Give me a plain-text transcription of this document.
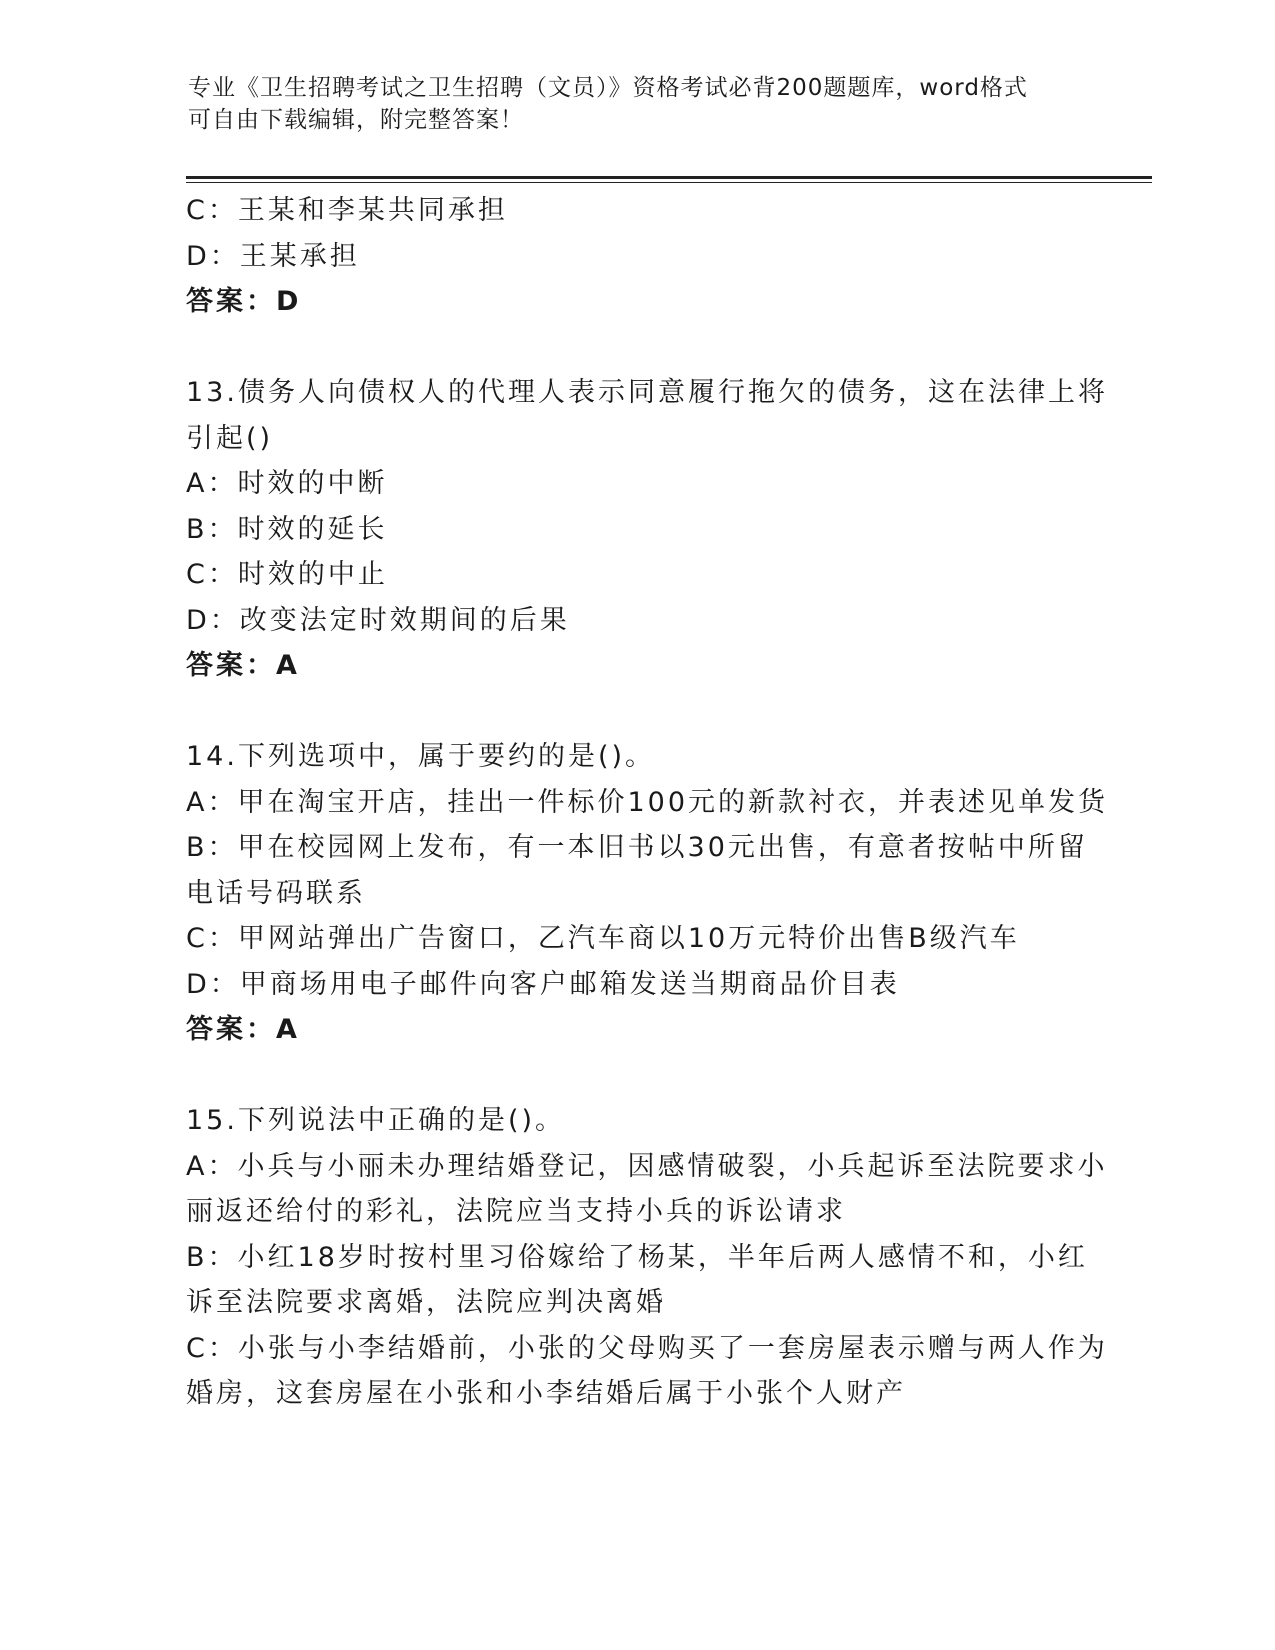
专业《卫生招聘考试之卫生招聘（文员）》资格考试必背200题题库，word格式
可自由下载编辑，附完整答案！
C：王某和李某共同承担
D：王某承担
答案：D
13.债务人向债权人的代理人表示同意履行拖欠的债务，这在法律上将
引起()
A：时效的中断
B：时效的延长
C：时效的中止
D：改变法定时效期间的后果
答案：A
14.下列选项中，属于要约的是()。
A：甲在淘宝开店，挂出一件标价100元的新款衬衣，并表述见单发货
B：甲在校园网上发布，有一本旧书以30元出售，有意者按帖中所留
电话号码联系
C：甲网站弹出广告窗口，乙汽车商以10万元特价出售B级汽车
D：甲商场用电子邮件向客户邮箱发送当期商品价目表
答案：A
15.下列说法中正确的是()。
A：小兵与小丽未办理结婚登记，因感情破裂，小兵起诉至法院要求小
丽返还给付的彩礼，法院应当支持小兵的诉讼请求
B：小红18岁时按村里习俗嫁给了杨某，半年后两人感情不和，小红
诉至法院要求离婚，法院应判决离婚
C：小张与小李结婚前，小张的父母购买了一套房屋表示赠与两人作为
婚房，这套房屋在小张和小李结婚后属于小张个人财产
